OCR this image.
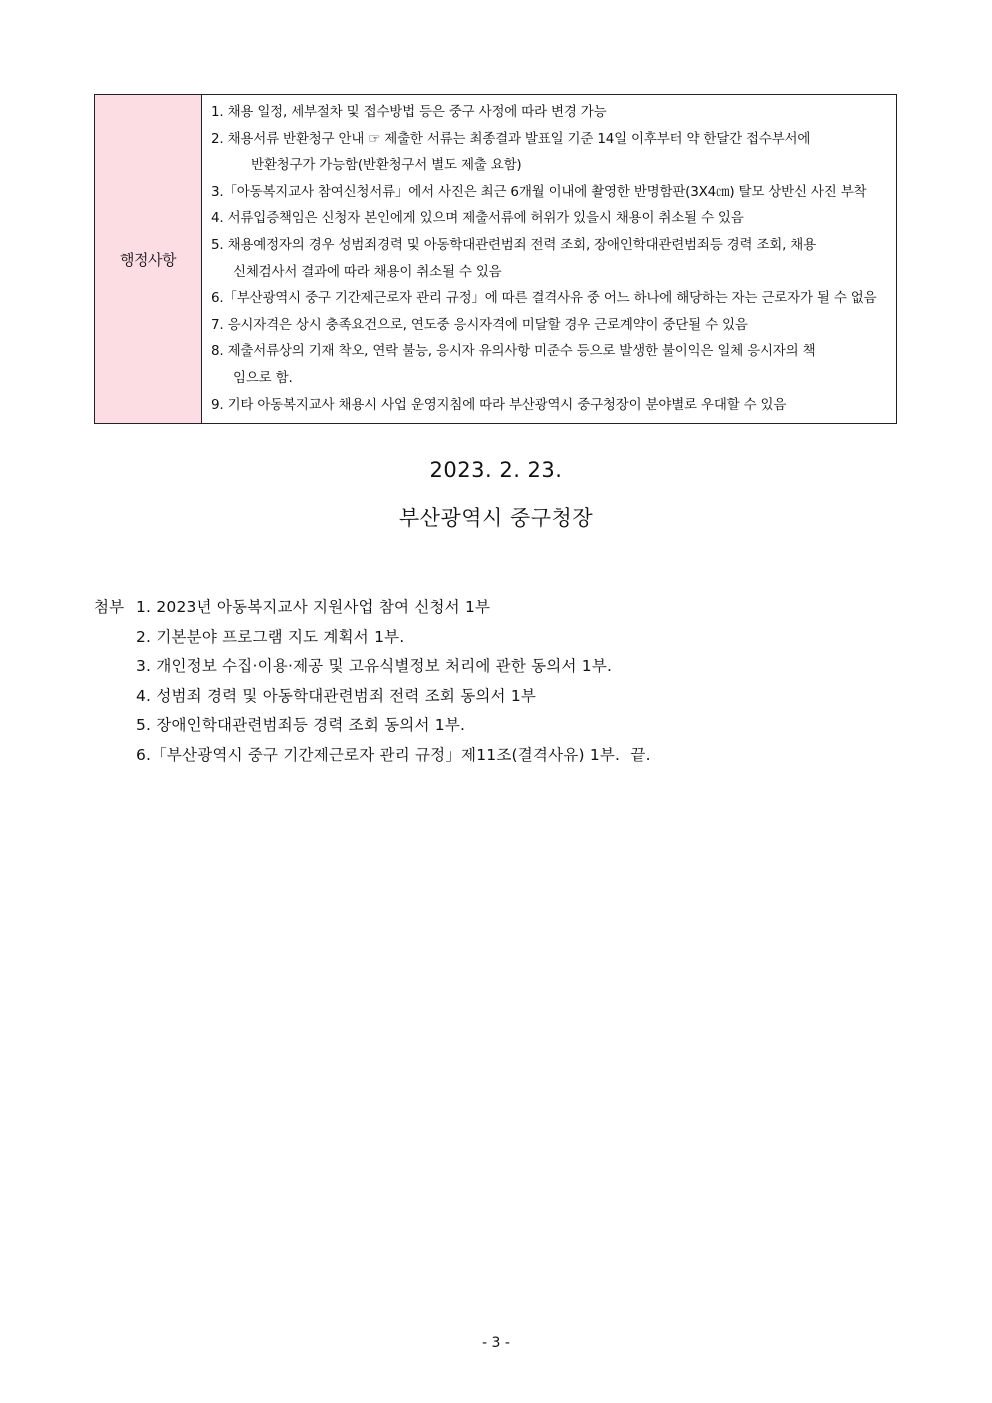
행정사항	
1. 채용 일정, 세부절차 및 접수방법 등은 중구 사정에 따라 변경 가능
2. 채용서류 반환청구 안내 ☞ 제출한 서류는 최종결과 발표일 기준 14일 이후부터 약 한달간 접수부서에
반환청구가 가능함(반환청구서 별도 제출 요함)
3.「아동복지교사 참여신청서류」에서 사진은 최근 6개월 이내에 촬영한 반명함판(3X4㎝) 탈모 상반신 사진 부착
4. 서류입증책임은 신청자 본인에게 있으며 제출서류에 허위가 있을시 채용이 취소될 수 있음
5. 채용예정자의 경우 성범죄경력 및 아동학대관련범죄 전력 조회, 장애인학대관련범죄등 경력 조회, 채용
신체검사서 결과에 따라 채용이 취소될 수 있음
6.「부산광역시 중구 기간제근로자 관리 규정」에 따른 결격사유 중 어느 하나에 해당하는 자는 근로자가 될 수 없음
7. 응시자격은 상시 충족요건으로, 연도중 응시자격에 미달할 경우 근로계약이 중단될 수 있음
8. 제출서류상의 기재 착오, 연락 불능, 응시자 유의사항 미준수 등으로 발생한 불이익은 일체 응시자의 책
임으로 함.
9. 기타 아동복지교사 채용시 사업 운영지침에 따라 부산광역시 중구청장이 분야별로 우대할 수 있음
2023. 2. 23.
부산광역시 중구청장
첨부 1. 2023년 아동복지교사 지원사업 참여 신청서 1부
2. 기본분야 프로그램 지도 계획서 1부.
3. 개인정보 수집·이용·제공 및 고유식별정보 처리에 관한 동의서 1부.
4. 성범죄 경력 및 아동학대관련범죄 전력 조회 동의서 1부
5. 장애인학대관련범죄등 경력 조회 동의서 1부.
6.「부산광역시 중구 기간제근로자 관리 규정」제11조(결격사유) 1부.  끝.
- 3 -
